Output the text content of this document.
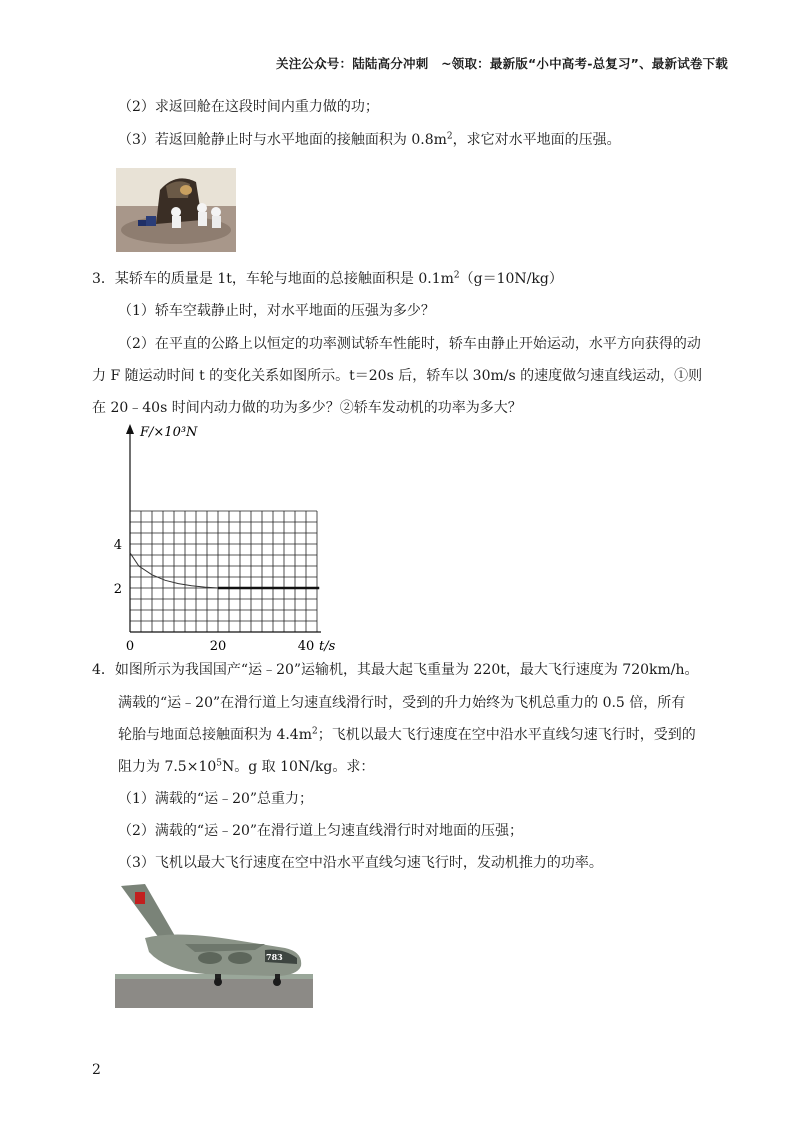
关注公众号：陆陆高分冲刺　~领取：最新版“小中高考-总复习”、最新试卷下载
（2）求返回舱在这段时间内重力做的功；
（3）若返回舱静止时与水平地面的接触面积为 $0.8m^2$，求它对水平地面的压强。
3．某轿车的质量是 1t，车轮与地面的总接触面积是 $0.1m^2(g=10N/kg)$
（1）轿车空载静止时，对水平地面的压强为多少？
（2）在平直的公路上以恒定的功率测试轿车性能时，轿车由静止开始运动，水平方向获得的动
力 F 随运动时间 t 的变化关系如图所示。t＝20s 后，轿车以 30m/s 的速度做匀速直线运动，①则
在 20﹣40s 时间内动力做的功为多少？②轿车发动机的功率为多大？
0	20	40
2
4
F/×10³N
t/s
4．如图所示为我国国产“运﹣20”运输机，其最大起飞重量为 220t，最大飞行速度为 720km/h。
满载的“运﹣20”在滑行道上匀速直线滑行时，受到的升力始终为飞机总重力的 0.5 倍，所有
轮胎与地面总接触面积为 $4.4m^2$；飞机以最大飞行速度在空中沿水平直线匀速飞行时，受到的
阻力为 $7.5\times 10^5N$。g 取 10N/kg。求：
（1）满载的“运﹣20”总重力；
（2）满载的“运﹣20”在滑行道上匀速直线滑行时对地面的压强；
（3）飞机以最大飞行速度在空中沿水平直线匀速飞行时，发动机推力的功率。
783
2
